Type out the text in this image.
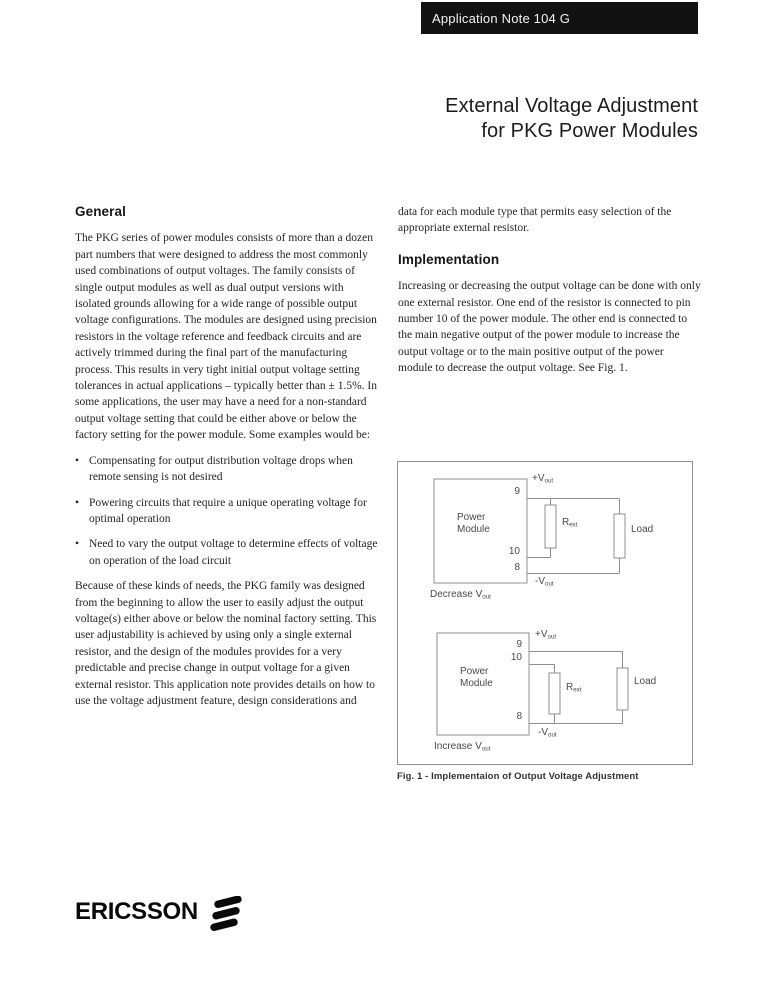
Application Note 104 G
External Voltage Adjustment
for PKG Power Modules
General

The PKG series of power modules consists of more than a dozen part numbers that were designed to address the most commonly used combinations of output voltages. The family consists of single output modules as well as dual output versions with isolated grounds allowing for a wide range of possible output voltage configurations. The modules are designed using precision resistors in the voltage reference and feedback circuits and are actively trimmed during the final part of the manufacturing process. This results in very tight initial output voltage setting tolerances in actual applications – typically better than ± 1.5%. In some applications, the user may have a need for a non-standard output voltage setting that could be either above or below the factory setting for the power module. Some examples would be:

• Compensating for output distribution voltage drops when remote sensing is not desired
• Powering circuits that require a unique operating voltage for optimal operation
• Need to vary the output voltage to determine effects of voltage on operation of the load circuit

Because of these kinds of needs, the PKG family was designed from the beginning to allow the user to easily adjust the output voltage(s) either above or below the nominal factory setting. This user adjustability is achieved by using only a single external resistor, and the design of the modules provides for a very predictable and precise change in output voltage for a given external resistor. This application note provides details on how to use the voltage adjustment feature, design considerations and

data for each module type that permits easy selection of the appropriate external resistor.

Implementation

Increasing or decreasing the output voltage can be done with only one external resistor. One end of the resistor is connected to pin number 10 of the power module. The other end is connected to the main negative output of the power module to increase the output voltage or to the main positive output of the power module to decrease the output voltage. See Fig. 1.

Power
Module
9
10
8
$+V_{out}$
$-V_{out}$
$R_{ext}$	Load
Decrease $V_{out}$
Power
Module
9
10
8
$+V_{out}$
$-V_{out}$
$R_{ext}$
Load
Increase $V_{out}$
Fig. 1 - Implementaion of Output Voltage Adjustment
ERICSSON
